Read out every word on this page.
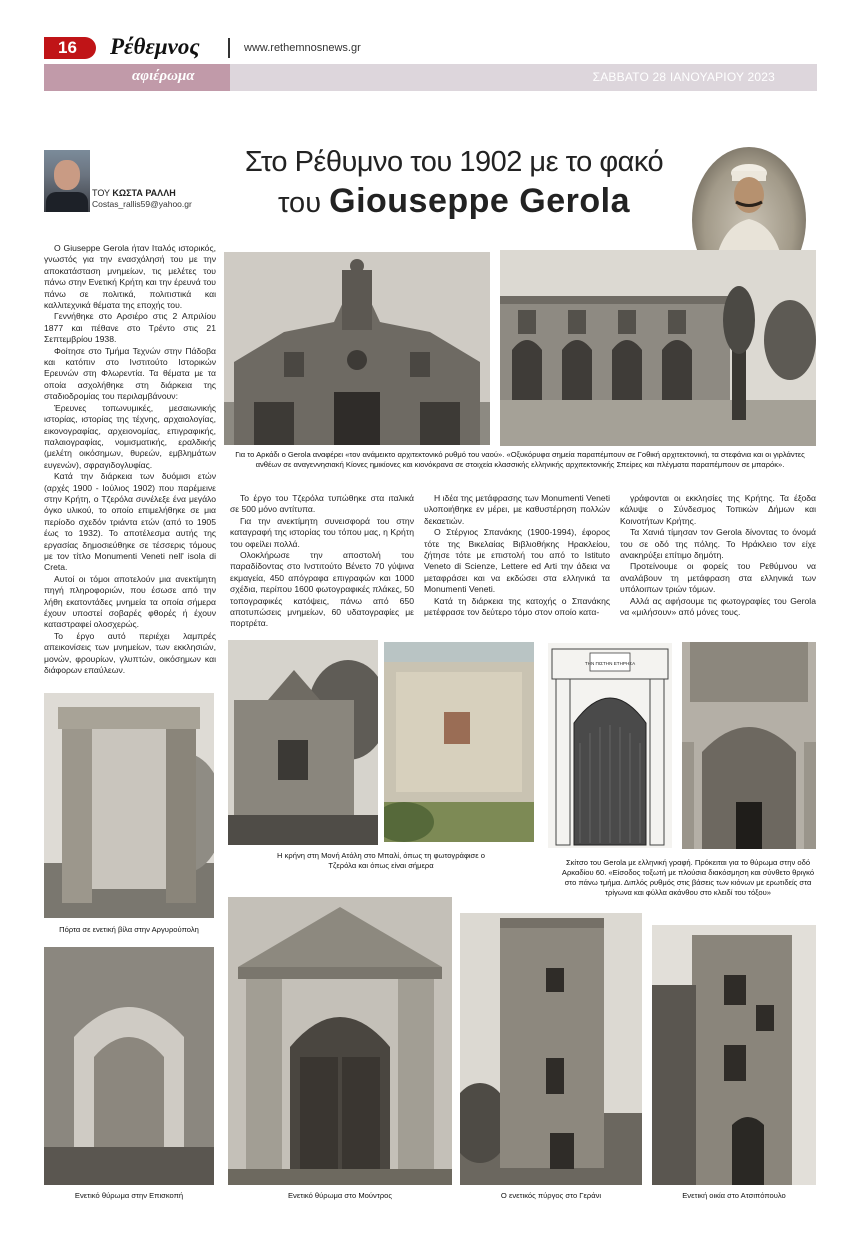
16	Ρέθεμνος	www.rethemnosnews.gr
αφιέρωμα	ΣΑΒΒΑΤΟ 28 ΙΑΝΟΥΑΡΙΟΥ 2023
ΤΟΥ ΚΩΣΤΑ ΡΑΛΛΗ
Costas_rallis59@yahoo.gr
Στο Ρέθυμνο του 1902 με το φακό
του Giouseppe Gerola
Για το Αρκάδι ο Gerola αναφέρει «τον ανάμεικτο αρχιτεκτονικό ρυθμό του ναού». «Οξυκόρυφα σημεία παραπέμπουν σε Γοθική αρχιτεκτονική, τα στεφάνια και οι γιρλάντες ανθέων σε αναγεννησιακή Κίονες ημικίονες και κιονόκρανα σε στοιχεία κλασσικής ελληνικής αρχιτεκτονικής Σπείρες και πλέγματα παραπέμπουν σε μπαρόκ».

Ο Giuseppe Gerola ήταν Ιταλός ιστορικός, γνωστός για την ενασχόλησή του με την αποκατάσταση μνημείων, τις μελέτες του πάνω στην Ενετική Κρήτη και την έρευνά του πάνω σε πολιτικά, πολιτιστικά και καλλιτεχνικά θέματα της εποχής του.

Γεννήθηκε στο Αρσιέρο στις 2 Απριλίου 1877 και πέθανε στο Τρέντο στις 21 Σεπτεμβρίου 1938.

Φοίτησε στο Τμήμα Τεχνών στην Πάδοβα και κατόπιν στο Ινστιτούτο Ιστορικών Ερευνών στη Φλωρεντία. Τα θέματα με τα οποία ασχολήθηκε στη διάρκεια της σταδιοδρομίας του περιλαμβάνουν:

Έρευνες τοπωνυμικές, μεσαιωνικής ιστορίας, ιστορίας της τέχνης, αρχαιολογίας, εικονογραφίας, αρχειονομίας, επιγραφικής, παλαιογραφίας, νομισματικής, εραλδικής (μελέτη οικόσημων, θυρεών, εμβλημάτων ευγενών), σφραγιδογλυφίας.

Κατά την διάρκεια των δυόμισι ετών (αρχές 1900 - Ιούλιος 1902) που παρέμεινε στην Κρήτη, ο Τζερόλα συνέλεξε ένα μεγάλο όγκο υλικού, το οποίο επιμελήθηκε σε μια περίοδο σχεδόν τριάντα ετών (από το 1905 έως το 1932). Το αποτέλεσμα αυτής της εργασίας δημοσιεύθηκε σε τέσσερις τόμους με τον τίτλο Monumenti Veneti nell' isola di Creta.

Αυτοί οι τόμοι αποτελούν μια ανεκτίμητη πηγή πληροφοριών, που έσωσε από την λήθη εκατοντάδες μνημεία τα οποία σήμερα έχουν υποστεί σοβαρές φθορές ή έχουν καταστραφεί ολοσχερώς.

Το έργο αυτό περιέχει λαμπρές απεικονίσεις των μνημείων, των εκκλησιών, μονών, φρουρίων, γλυπτών, οικόσημων και διάφορων επαύλεων.

Το έργο του Τζερόλα τυπώθηκε στα ιταλικά σε 500 μόνο αντίτυπα.

Για την ανεκτίμητη συνεισφορά του στην καταγραφή της ιστορίας του τόπου μας, η Κρήτη του οφείλει πολλά.

Ολοκλήρωσε την αποστολή του παραδίδοντας στο Ινστιτούτο Βένετο 70 γύψινα εκμαγεία, 450 απόγραφα επιγραφών και 1000 σχέδια, περίπου 1600 φωτογραφικές πλάκες, 50 τοπογραφικές κατόψεις, πάνω από 650 αποτυπώσεις μνημείων, 60 υδατογραφίες με πορτρέτα.

Η ιδέα της μετάφρασης των Monumenti Veneti υλοποιήθηκε εν μέρει, με καθυστέρηση πολλών δεκαετιών.

Ο Στέργιος Σπανάκης (1900-1994), έφορος τότε της Βικελαίας Βιβλιοθήκης Ηρακλείου, ζήτησε τότε με επιστολή του από το Istituto Veneto di Scienze, Lettere ed Arti την άδεια να μεταφράσει και να εκδώσει στα ελληνικά τα Monumenti Veneti.

Κατά τη διάρκεια της κατοχής ο Σπανάκης μετέφρασε τον δεύτερο τόμο στον οποίο κατα-

γράφονται οι εκκλησίες της Κρήτης. Τα έξοδα κάλυψε ο Σύνδεσμος Τοπικών Δήμων και Κοινοτήτων Κρήτης.

Τα Χανιά τίμησαν τον Gerola δίνοντας το όνομά του σε οδό της πόλης. Το Ηράκλειο τον είχε ανακηρύξει επίτιμο δημότη.

Προτείνουμε οι φορείς του Ρεθύμνου να αναλάβουν τη μετάφραση στα ελληνικά των υπόλοιπων τριών τόμων.

Αλλά ας αφήσουμε τις φωτογραφίες του Gerola να «μιλήσουν» από μόνες τους.

Πόρτα σε ενετική βίλα στην Αργυρούπολη
Η κρήνη στη Μονή Ατάλη στο Μπαλί, όπως τη φωτογράφισε ο Τζερόλα και όπως είναι σήμερα
ΤΗΝ ΠΙΣΤΗΝ ΕΤΗΡΗΣΑ
Σκίτσο του Gerola με ελληνική γραφή. Πρόκειται για το θύρωμα στην οδό Αρκαδίου 60. «Είσοδος τοξωτή με πλούσια διακόσμηση και σύνθετο θριγκό στο πάνω τμήμα. Διπλός ρυθμός στις βάσεις των κιόνων με ερωτιδείς στα τρίγωνα και φύλλα ακάνθου στο κλειδί του τόξου»
Ενετικό θύρωμα στην Επισκοπή	Ενετικό θύρωμα στο Μούντρος	Ο ενετικός πύργος στο Γεράνι	Ενετική οικία στο Ατσιπόπουλο
